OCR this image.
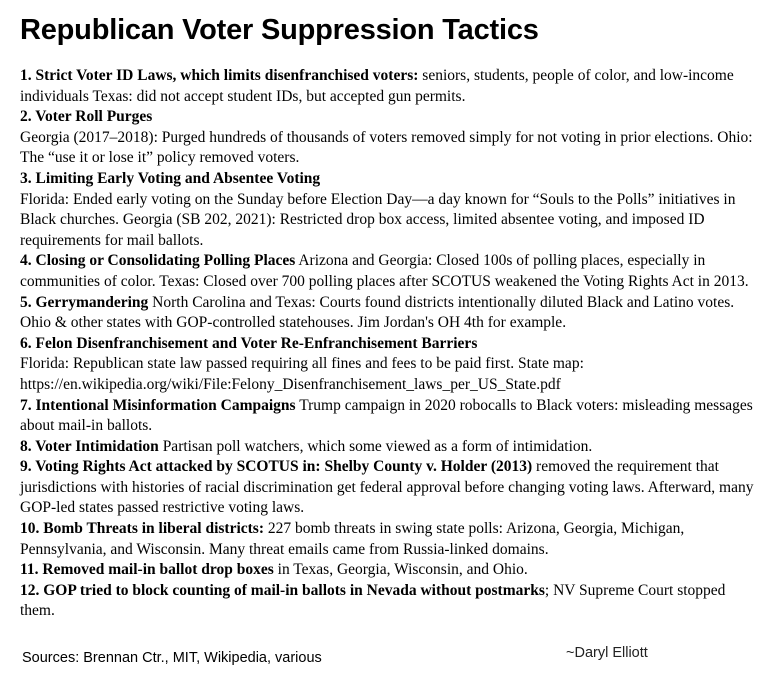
Republican Voter Suppression Tactics

1. Strict Voter ID Laws, which limits disenfranchised voters: seniors, students, people of color, and low-income individuals Texas: did not accept student IDs, but accepted gun permits.

2. Voter Roll Purges
Georgia (2017–2018): Purged hundreds of thousands of voters removed simply for not voting in prior elections. Ohio: The “use it or lose it” policy removed voters.

3. Limiting Early Voting and Absentee Voting
Florida: Ended early voting on the Sunday before Election Day—a day known for “Souls to the Polls” initiatives in Black churches. Georgia (SB 202, 2021): Restricted drop box access, limited absentee voting, and imposed ID requirements for mail ballots.

4. Closing or Consolidating Polling Places Arizona and Georgia: Closed 100s of polling places, especially in communities of color. Texas: Closed over 700 polling places after SCOTUS weakened the Voting Rights Act in 2013.

5. Gerrymandering North Carolina and Texas: Courts found districts intentionally diluted Black and Latino votes. Ohio & other states with GOP-controlled statehouses. Jim Jordan's OH 4th for example.

6. Felon Disenfranchisement and Voter Re-Enfranchisement Barriers
Florida: Republican state law passed requiring all fines and fees to be paid first. State map: https://en.wikipedia.org/wiki/File:Felony_Disenfranchisement_laws_per_US_State.pdf

7. Intentional Misinformation Campaigns Trump campaign in 2020 robocalls to Black voters: misleading messages about mail-in ballots.

8. Voter Intimidation Partisan poll watchers, which some viewed as a form of intimidation.

9. Voting Rights Act attacked by SCOTUS in: Shelby County v. Holder (2013) removed the requirement that jurisdictions with histories of racial discrimination get federal approval before changing voting laws. Afterward, many GOP-led states passed restrictive voting laws.

10. Bomb Threats in liberal districts: 227 bomb threats in swing state polls: Arizona, Georgia, Michigan, Pennsylvania, and Wisconsin. Many threat emails came from Russia-linked domains.

11. Removed mail-in ballot drop boxes in Texas, Georgia, Wisconsin, and Ohio.

12. GOP tried to block counting of mail-in ballots in Nevada without postmarks; NV Supreme Court stopped them.

Sources: Brennan Ctr., MIT, Wikipedia, various	~Daryl Elliott
